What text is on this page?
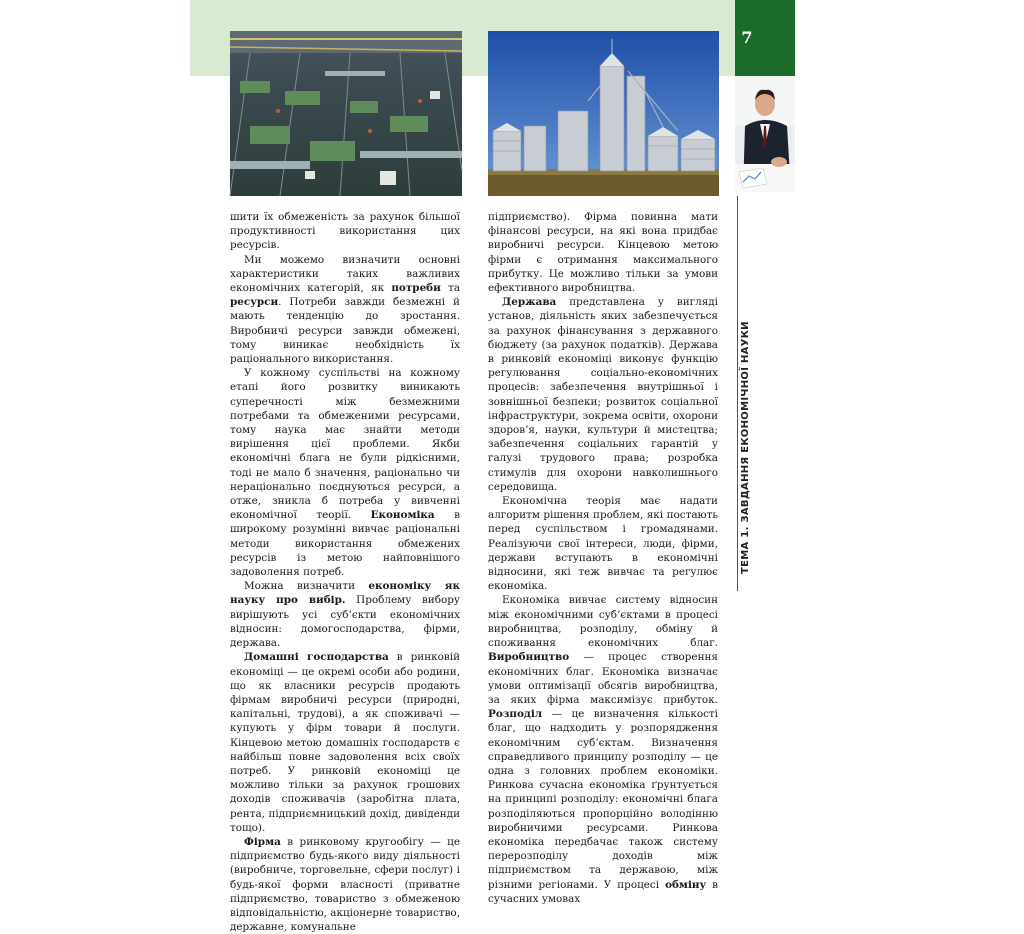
7
ТЕМА 1. ЗАВДАННЯ ЕКОНОМІЧНОЇ НАУКИ

шити їх обмеженість за рахунок більшої продуктивності використання цих ресурсів.

Ми можемо визначити основні характеристики таких важливих економічних категорій, як потреби та ресурси. Потреби завжди безмежні й мають тенденцію до зростання. Виробничі ресурси завжди обмежені, тому виникає необхідність їх раціонального використання.

У кожному суспільстві на кожному етапі його розвитку виникають суперечності між безмежними потребами та обмеженими ресурсами, тому наука має знайти методи вирішення цієї проблеми. Якби економічні блага не були рідкісними, тоді не мало б значення, раціонально чи нераціонально поєднуються ресурси, а отже, зникла б потреба у вивченні економічної теорії. Економіка в широкому розумінні вивчає раціональні методи використання обмежених ресурсів із метою найповнішого задоволення потреб.

Можна визначити економіку як науку про вибір. Проблему вибору вирішують усі суб’єкти економічних відносин: домогосподарства, фірми, держава.

Домашні господарства в ринковій економіці — це окремі особи або родини, що як власники ресурсів продають фірмам виробничі ресурси (природні, капітальні, трудові), а як споживачі — купують у фірм товари й послуги. Кінцевою метою домашніх господарств є найбільш повне задоволення всіх своїх потреб. У ринковій економіці це можливо тільки за рахунок грошових доходів споживачів (заробітна плата, рента, підприємницький дохід, дивіденди тощо).

Фірма в ринковому кругообігу — це підприємство будь-якого виду діяльності (виробниче, торговельне, сфери послуг) і будь-якої форми власності (приватне підприємство, товариство з обмеженою відповідальністю, акціонерне товариство, державне, комунальне

підприємство). Фірма повинна мати фінансові ресурси, на які вона придбає виробничі ресурси. Кінцевою метою фірми є отримання максимального прибутку. Це можливо тільки за умови ефективного виробництва.

Держава представлена у вигляді установ, діяльність яких забезпечується за рахунок фінансування з державного бюджету (за рахунок податків). Держава в ринковій економіці виконує функцію регулювання соціально-економічних процесів: забезпечення внутрішньої і зовнішньої безпеки; розвиток соціальної інфраструктури, зокрема освіти, охорони здоров’я, науки, культури й мистецтва; забезпечення соціальних гарантій у галузі трудового права; розробка стимулів для охорони навколишнього середовища.

Економічна теорія має надати алгоритм рішення проблем, які постають перед суспільством і громадянами. Реалізуючи свої інтереси, люди, фірми, держави вступають в економічні відносини, які теж вивчає та регулює економіка.

Економіка вивчає систему відносин між економічними суб’єктами в процесі виробництва, розподілу, обміну й споживання економічних благ. Виробництво — процес створення економічних благ. Економіка визначає умови оптимізації обсягів виробництва, за яких фірма максимізує прибуток. Розподіл — це визначення кількості благ, що надходить у розпорядження економічним суб’єктам. Визначення справедливого принципу розподілу — це одна з головних проблем економіки. Ринкова сучасна економіка ґрунтується на принципі розподілу: економічні блага розподіляються пропорційно володінню виробничими ресурсами. Ринкова економіка передбачає також систему перерозподілу доходів між підприємством та державою, між різними регіонами. У процесі обміну в сучасних умовах
